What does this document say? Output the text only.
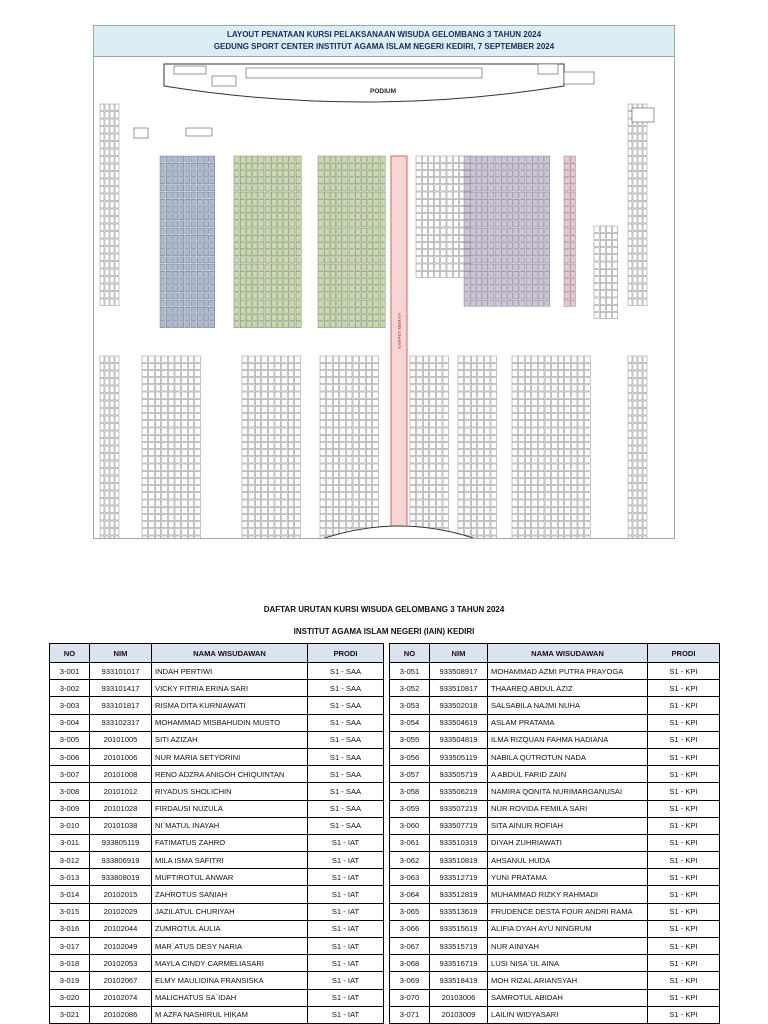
LAYOUT PENATAAN KURSI PELAKSANAAN WISUDA GELOMBANG 3 TAHUN 2024
GEDUNG SPORT CENTER INSTITUT AGAMA ISLAM NEGERI KEDIRI, 7 SEPTEMBER 2024
PODIUM
KARPET MERAH
DAFTAR URUTAN KURSI WISUDA GELOMBANG 3 TAHUN 2024
INSTITUT AGAMA ISLAM NEGERI (IAIN) KEDIRI
NO	NIM	NAMA WISUDAWAN	PRODI
3-001	933101017	INDAH PERTIWI	S1 - SAA
3-002	933101417	VICKY FITRIA ERINA SARI	S1 - SAA
3-003	933101817	RISMA DITA KURNIAWATI	S1 - SAA
3-004	933102317	MOHAMMAD MISBAHUDIN MUSTO	S1 - SAA
3-005	20101005	SITI AZIZAH	S1 - SAA
3-006	20101006	NUR MARIA SETYORINI	S1 - SAA
3-007	20101008	RENO ADZRA ANIGOH CHIQUINTAN	S1 - SAA
3-008	20101012	RIYADUS SHOLICHIN	S1 - SAA
3-009	20101028	FIRDAUSI NUZULA	S1 - SAA
3-010	20101038	NI`MATUL INAYAH	S1 - SAA
3-011	933805119	FATIMATUS ZAHRO	S1 - IAT
3-012	933806919	MILA ISMA SAFITRI	S1 - IAT
3-013	933808019	MUFTIROTUL ANWAR	S1 - IAT
3-014	20102015	ZAHROTUS SANIAH	S1 - IAT
3-015	20102029	JAZILATUL CHURIYAH	S1 - IAT
3-016	20102044	ZUMROTUL AULIA	S1 - IAT
3-017	20102049	MAR`ATUS DESY NARIA	S1 - IAT
3-018	20102053	MAYLA CINDY CARMELIASARI	S1 - IAT
3-019	20102067	ELMY MAULIDINA FRANSISKA	S1 - IAT
3-020	20102074	MALICHATUS SA`IDAH	S1 - IAT
3-021	20102086	M AZFA NASHIRUL HIKAM	S1 - IAT
NO	NIM	NAMA WISUDAWAN	PRODI
3-051	933508917	MOHAMMAD AZMI PUTRA PRAYOGA	S1 - KPI
3-052	933510817	THAAREQ ABDUL AZIZ	S1 - KPI
3-053	933502018	SALSABILA NAJMI NUHA	S1 - KPI
3-054	933504619	ASLAM PRATAMA	S1 - KPI
3-055	933504819	ILMA RIZQUAN FAHMA HADIANA	S1 - KPI
3-056	933505119	NABILA QUTROTUN NADA	S1 - KPI
3-057	933505719	A ABDUL FARID ZAIN	S1 - KPI
3-058	933506219	NAMIRA QONITA NURIMARGANUSAI	S1 - KPI
3-059	933507219	NUR ROVIDA FEMILA SARI	S1 - KPI
3-060	933507719	SITA AINUR ROFIAH	S1 - KPI
3-061	933510319	DIYAH ZUHRIAWATI	S1 - KPI
3-062	933510819	AHSANUL HUDA	S1 - KPI
3-063	933512719	YUNI PRATAMA	S1 - KPI
3-064	933512819	MUHAMMAD RIZKY RAHMADI	S1 - KPI
3-065	933513619	FRUDENCE DESTA FOUR ANDRI RAMA	S1 - KPI
3-066	933515619	ALIFIA DYAH AYU NINGRUM	S1 - KPI
3-067	933515719	NUR AINIYAH	S1 - KPI
3-068	933516719	LUSI NISA`UL AINA	S1 - KPI
3-069	933518419	MOH RIZAL ARIANSYAH	S1 - KPI
3-070	20103006	SAMROTUL ABIDAH	S1 - KPI
3-071	20103009	LAILIN WIDYASARI	S1 - KPI
